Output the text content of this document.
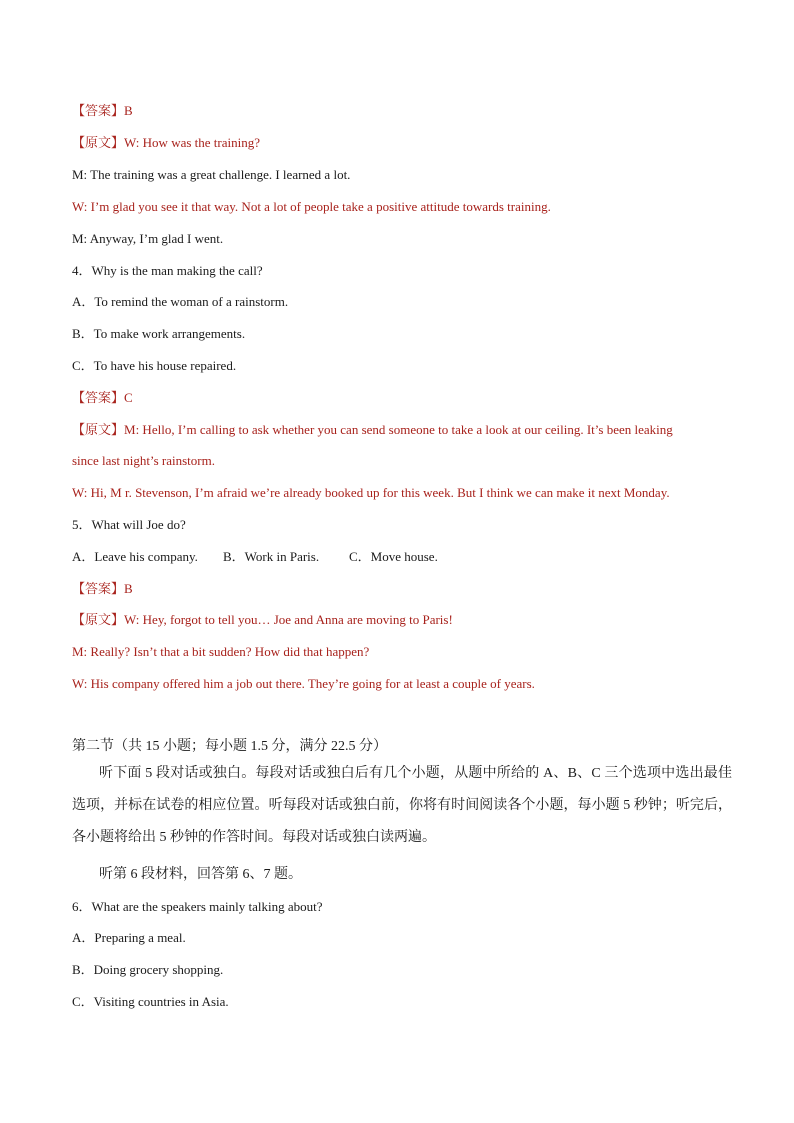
【答案】B
【原文】W: How was the training?
M: The training was a great challenge. I learned a lot.
W: I’m glad you see it that way. Not a lot of people take a positive attitude towards training.
M: Anyway, I’m glad I went.
4．Why is the man making the call?
A．To remind the woman of a rainstorm.
B．To make work arrangements.
C．To have his house repaired.
【答案】C
【原文】M: Hello, I’m calling to ask whether you can send someone to take a look at our ceiling. It’s been leaking
since last night’s rainstorm.
W: Hi, M r. Stevenson, I’m afraid we’re already booked up for this week. But I think we can make it next Monday.
5．What will Joe do?
A．Leave his company. B．Work in Paris. C．Move house.
【答案】B
【原文】W: Hey, forgot to tell you… Joe and Anna are moving to Paris!
M: Really? Isn’t that a bit sudden? How did that happen?
W: His company offered him a job out there. They’re going for at least a couple of years.
第二节（共 15 小题；每小题 1.5 分，满分 22.5 分）
听下面 5 段对话或独白。每段对话或独白后有几个小题，从题中所给的 A、B、C 三个选项中选出最佳选项，并标在试卷的相应位置。听每段对话或独白前，你将有时间阅读各个小题，每小题 5 秒钟；听完后，各小题将给出 5 秒钟的作答时间。每段对话或独白读两遍。
听第 6 段材料，回答第 6、7 题。
6．What are the speakers mainly talking about?
A．Preparing a meal.
B．Doing grocery shopping.
C．Visiting countries in Asia.
